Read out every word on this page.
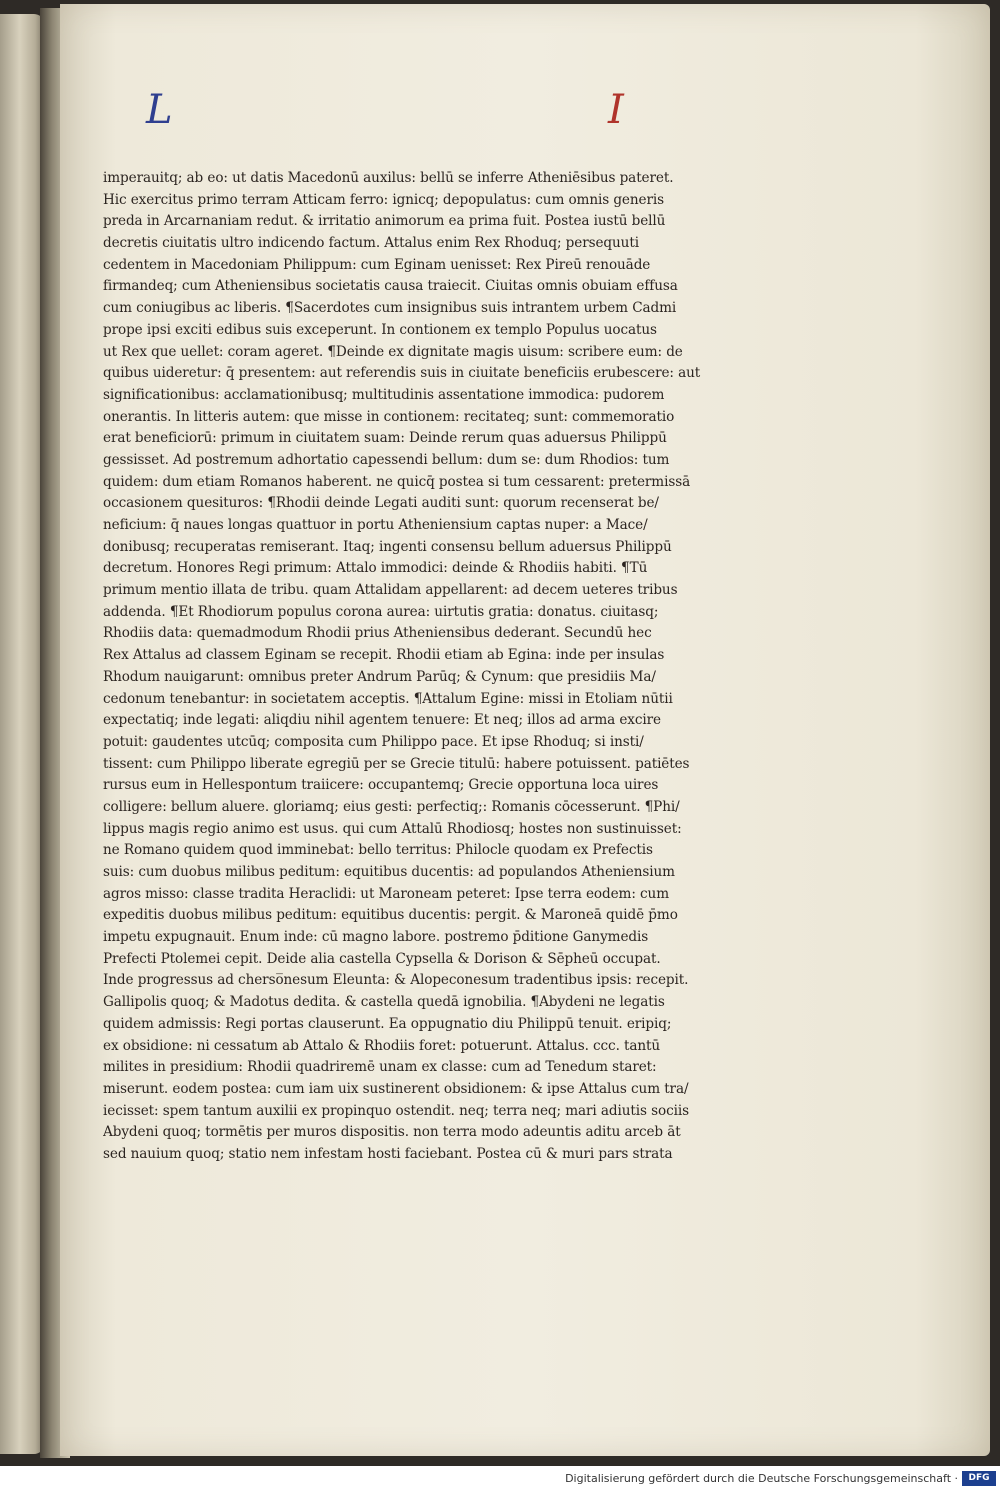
L	I
imperauitq; ab eo: ut datis Macedonū auxilus: bellū se inferre Atheniēsibus pateret.
Hic exercitus primo terram Atticam ferro: ignicq; depopulatus: cum omnis generis
preda in Arcarnaniam redut. & irritatio animorum ea prima fuit. Postea iustū bellū
decretis ciuitatis ultro indicendo factum. Attalus enim Rex Rhoduq; persequuti
cedentem in Macedoniam Philippum: cum Eginam uenisset: Rex Pireū renouāde
firmandeq; cum Atheniensibus societatis causa traiecit. Ciuitas omnis obuiam effusa
cum coniugibus ac liberis. ¶Sacerdotes cum insignibus suis intrantem urbem Cadmi
prope ipsi exciti edibus suis exceperunt. In contionem ex templo Populus uocatus
ut Rex que uellet: coram ageret. ¶Deinde ex dignitate magis uisum: scribere eum: de
quibus uideretur: q̄ presentem: aut referendis suis in ciuitate beneficiis erubescere: aut
significationibus: acclamationibusq; multitudinis assentatione immodica: pudorem
onerantis. In litteris autem: que misse in contionem: recitateq; sunt: commemoratio
erat beneficiorū: primum in ciuitatem suam: Deinde rerum quas aduersus Philippū
gessisset. Ad postremum adhortatio capessendi bellum: dum se: dum Rhodios: tum
quidem: dum etiam Romanos haberent. ne quicq̄ postea si tum cessarent: pretermissā
occasionem quesituros: ¶Rhodii deinde Legati auditi sunt: quorum recenserat be/
neficium: q̄ naues longas quattuor in portu Atheniensium captas nuper: a Mace/
donibusq; recuperatas remiserant. Itaq; ingenti consensu bellum aduersus Philippū
decretum. Honores Regi primum: Attalo immodici: deinde & Rhodiis habiti. ¶Tū
primum mentio illata de tribu. quam Attalidam appellarent: ad decem ueteres tribus
addenda. ¶Et Rhodiorum populus corona aurea: uirtutis gratia: donatus. ciuitasq;
Rhodiis data: quemadmodum Rhodii prius Atheniensibus dederant. Secundū hec
Rex Attalus ad classem Eginam se recepit. Rhodii etiam ab Egina: inde per insulas
Rhodum nauigarunt: omnibus preter Andrum Parūq; & Cynum: que presidiis Ma/
cedonum tenebantur: in societatem acceptis. ¶Attalum Egine: missi in Etoliam nūtii
expectatiq; inde legati: aliqdiu nihil agentem tenuere: Et neq; illos ad arma excire
potuit: gaudentes utcūq; composita cum Philippo pace. Et ipse Rhoduq; si insti/
tissent: cum Philippo liberate egregiū per se Grecie titulū: habere potuissent. patiētes
rursus eum in Hellespontum traiicere: occupantemq; Grecie opportuna loca uires
colligere: bellum aluere. gloriamq; eius gesti: perfectiq;: Romanis cōcesserunt. ¶Phi/
lippus magis regio animo est usus. qui cum Attalū Rhodiosq; hostes non sustinuisset:
ne Romano quidem quod imminebat: bello territus: Philocle quodam ex Prefectis
suis: cum duobus milibus peditum: equitibus ducentis: ad populandos Atheniensium
agros misso: classe tradita Heraclidi: ut Maroneam peteret: Ipse terra eodem: cum
expeditis duobus milibus peditum: equitibus ducentis: pergit. & Maroneā quidē p̄mo
impetu expugnauit. Enum inde: cū magno labore. postremo p̄ditione Ganymedis
Prefecti Ptolemei cepit. Deide alia castella Cypsella & Dorison & Sēpheū occupat.
Inde progressus ad cherso̅nesum Eleunta: & Alopeconesum tradentibus ipsis: recepit.
Gallipolis quoq; & Madotus dedita. & castella quedā ignobilia. ¶Abydeni ne legatis
quidem admissis: Regi portas clauserunt. Ea oppugnatio diu Philippū tenuit. eripiq;
ex obsidione: ni cessatum ab Attalo & Rhodiis foret: potuerunt. Attalus. ccc. tantū
milites in presidium: Rhodii quadriremē unam ex classe: cum ad Tenedum staret:
miserunt. eodem postea: cum iam uix sustinerent obsidionem: & ipse Attalus cum tra/
iecisset: spem tantum auxilii ex propinquo ostendit. neq; terra neq; mari adiutis sociis
Abydeni quoq; tormētis per muros dispositis. non terra modo adeuntis aditu arceb āt
sed nauium quoq; statio nem infestam hosti faciebant. Postea cū & muri pars strata
Digitalisierung gefördert durch die Deutsche Forschungsgemeinschaft ·	DFG
